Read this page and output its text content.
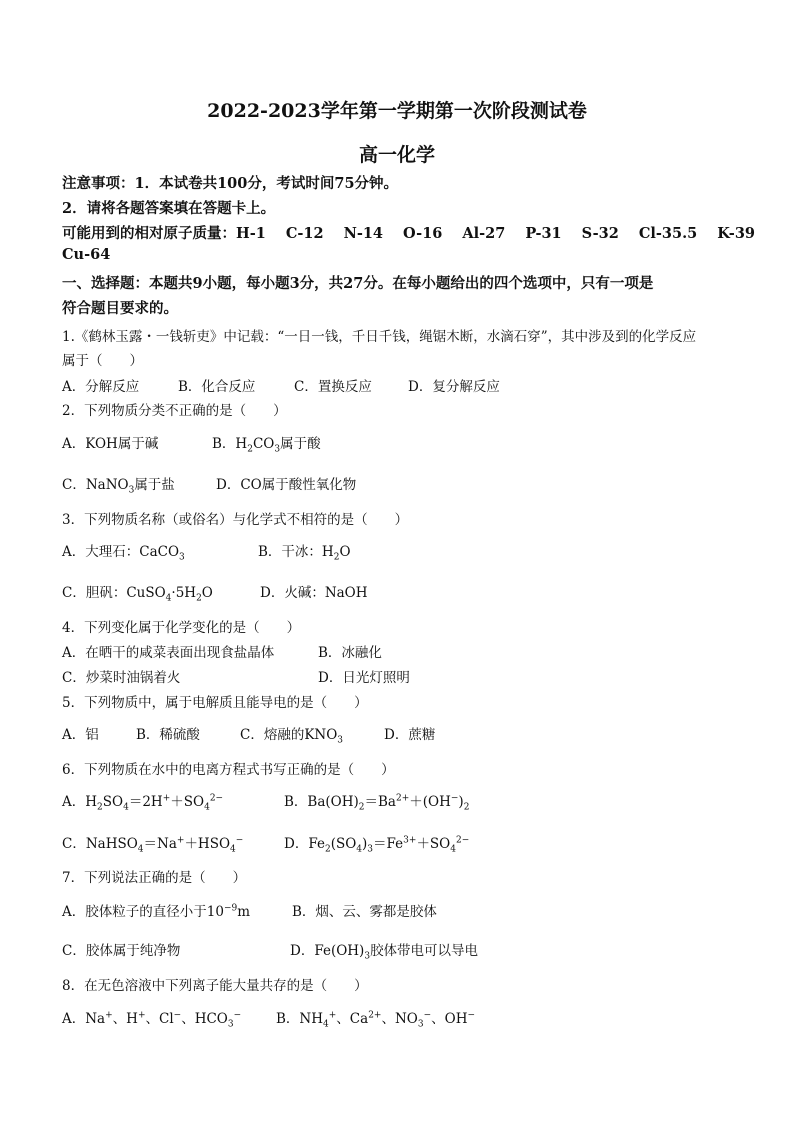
2022-2023学年第一学期第一次阶段测试卷
高一化学
注意事项：1．本试卷共100分，考试时间75分钟。
2．请将各题答案填在答题卡上。
可能用到的相对原子质量：H-1 C-12 N-14 O-16 Al-27 P-31 S-32 Cl-35.5 K-39
Cu-64
一、选择题：本题共9小题，每小题3分，共27分。在每小题给出的四个选项中，只有一项是
符合题目要求的。
1.《鹤林玉露・一钱斩吏》中记载：“一日一钱，千日千钱，绳锯木断，水滴石穿”，其中涉及到的化学反应
属于（　　）
A．分解反应	B．化合反应	C．置换反应	D．复分解反应
2．下列物质分类不正确的是（　　）
A．KOH属于碱	B．$H_2CO_3$属于酸
C．NaNO$_3$属于盐	D．CO属于酸性氧化物
3．下列物质名称（或俗名）与化学式不相符的是（　　）
A．大理石：CaCO$_3$	B．干冰：$H_2O$
C．胆矾：$CuSO_4\cdot 5H_2O$	D．火碱：NaOH
4．下列变化属于化学变化的是（　　）
A．在晒干的咸菜表面出现食盐晶体	B．冰融化
C．炒菜时油锅着火	D．日光灯照明
5．下列物质中，属于电解质且能导电的是（　　）
A．铝	B．稀硫酸	C．熔融的$KNO_3$	D．蔗糖
6．下列物质在水中的电离方程式书写正确的是（　　）
A．$H_2SO_4=2H^++SO_4^{2-}$	B．$Ba(OH)_2=Ba^{2+}+(OH^-)_2$
C．$NaHSO_4=Na^++HSO_4^-$	D．$Fe_2(SO_4)_3=Fe^{3+}+SO_4^{2-}$
7．下列说法正确的是（　　）
A．胶体粒子的直径小于$10^{-9}m$	B．烟、云、雾都是胶体
C．胶体属于纯净物	D．$Fe(OH)_3$胶体带电可以导电
8．在无色溶液中下列离子能大量共存的是（　　）
A．Na+、H+、Cl−、$HCO_3^-$	B．$NH_4^+$、$Ca^{2+}$、$NO_3^-$、OH−
